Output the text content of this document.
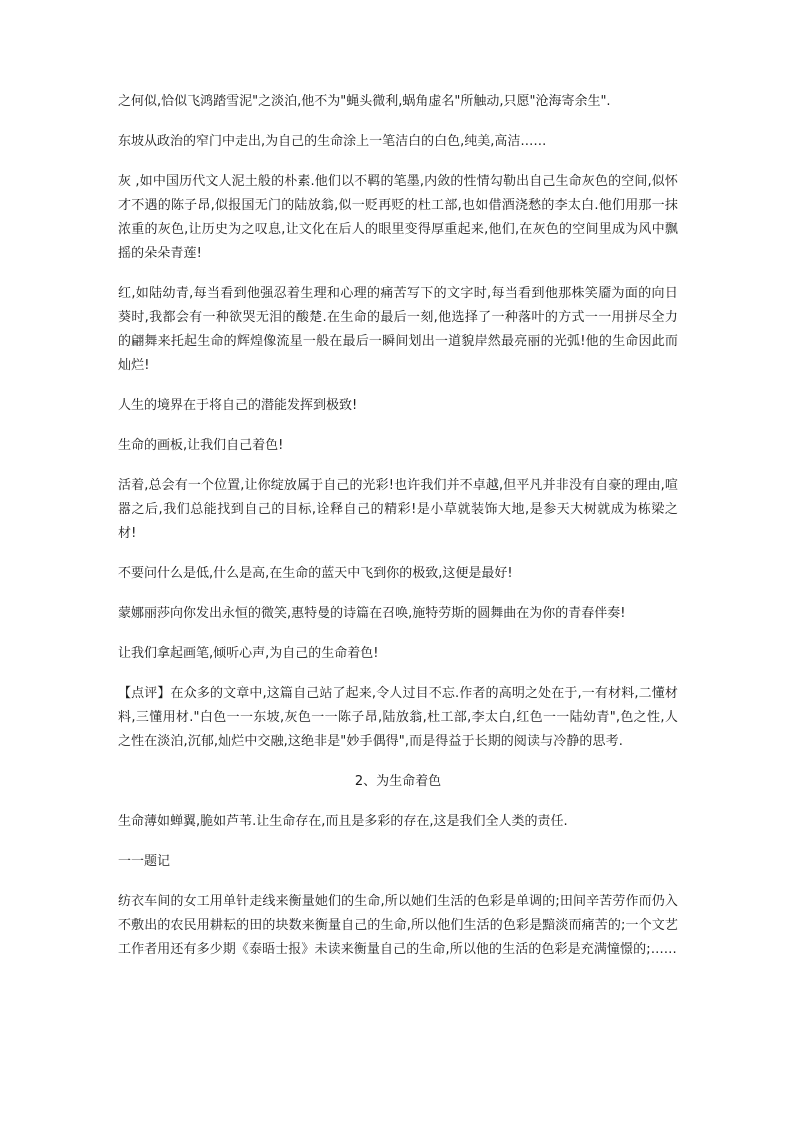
之何似,恰似飞鸿踏雪泥"之淡泊,他不为"蝇头微利,蜗角虚名"所触动,只愿"沧海寄余生".

东坡从政治的窄门中走出,为自己的生命涂上一笔洁白的白色,纯美,高洁……

灰 ,如中国历代文人泥土般的朴素.他们以不羁的笔墨,内敛的性情勾勒出自己生命灰色的空间,似怀才不遇的陈子昂,似报国无门的陆放翁,似一贬再贬的杜工部,也如借酒浇愁的李太白.他们用那一抹浓重的灰色,让历史为之叹息,让文化在后人的眼里变得厚重起来,他们,在灰色的空间里成为风中飘摇的朵朵青莲!

红,如陆幼青,每当看到他强忍着生理和心理的痛苦写下的文字时,每当看到他那株笑靥为面的向日葵时,我都会有一种欲哭无泪的酸楚.在生命的最后一刻,他选择了一种落叶的方式一一用拼尽全力的翩舞来托起生命的辉煌像流星一般在最后一瞬间划出一道貌岸然最亮丽的光弧!他的生命因此而灿烂!

人生的境界在于将自己的潜能发挥到极致!

生命的画板,让我们自己着色!

活着,总会有一个位置,让你绽放属于自己的光彩!也许我们并不卓越,但平凡并非没有自豪的理由,喧嚣之后,我们总能找到自己的目标,诠释自己的精彩!是小草就装饰大地,是参天大树就成为栋梁之材!

不要问什么是低,什么是高,在生命的蓝天中飞到你的极致,这便是最好!

蒙娜丽莎向你发出永恒的微笑,惠特曼的诗篇在召唤,施特劳斯的圆舞曲在为你的青春伴奏!

让我们拿起画笔,倾听心声,为自己的生命着色!

【点评】在众多的文章中,这篇自己站了起来,令人过目不忘.作者的高明之处在于,一有材料,二懂材料,三懂用材."白色一一东坡,灰色一一陈子昂,陆放翁,杜工部,李太白,红色一一陆幼青",色之性,人之性在淡泊,沉郁,灿烂中交融,这绝非是"妙手偶得",而是得益于长期的阅读与冷静的思考.

2、为生命着色

生命薄如蝉翼,脆如芦苇.让生命存在,而且是多彩的存在,这是我们全人类的责任.

一一题记

纺衣车间的女工用单针走线来衡量她们的生命,所以她们生活的色彩是单调的;田间辛苦劳作而仍入不敷出的农民用耕耘的田的块数来衡量自己的生命,所以他们生活的色彩是黯淡而痛苦的;一个文艺工作者用还有多少期《泰晤士报》未读来衡量自己的生命,所以他的生活的色彩是充满憧憬的;……
